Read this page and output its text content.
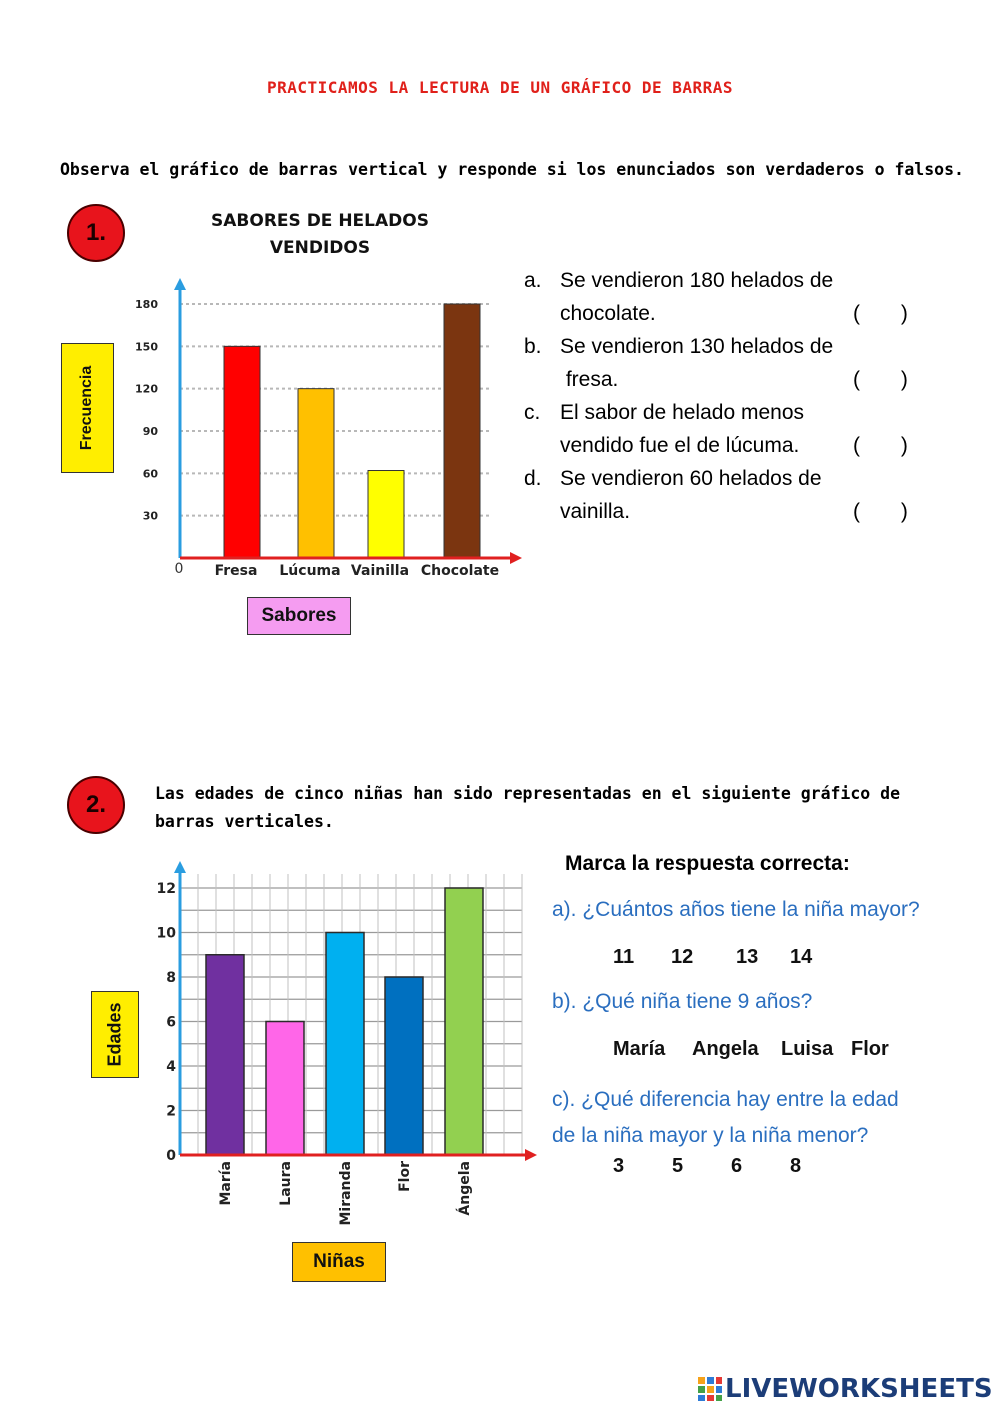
PRACTICAMOS LA LECTURA DE UN GRÁFICO DE BARRAS
Observa el gráfico de barras vertical y responde si los enunciados son verdaderos o falsos.
1.	SABORES DE HELADOS
VENDIDOS
Frecuencia
30
60
90
120
150
180
0 Fresa Lúcuma Vainilla Chocolate
Sabores
a. Se vendieron 180 helados de
chocolate.	(       )
b. Se vendieron 130 helados de
fresa.	(       )
c. El sabor de helado menos
vendido fue el de lúcuma.	(       )
d. Se vendieron 60 helados de
vainilla.	(       )
2.	Las edades de cinco niñas han sido representadas en el siguiente gráfico de
barras verticales.
Edades
0
2
4
6
8
10
12
María	Laura	Miranda	Flor	Ángela
Niñas
Marca la respuesta correcta:
a). ¿Cuántos años tiene la niña mayor?
11 12 13 14
b). ¿Qué niña tiene 9 años?
María Angela Luisa Flor
c). ¿Qué diferencia hay entre la edad
de la niña mayor y la niña menor?
3 5 6 8
LIVEWORKSHEETS
